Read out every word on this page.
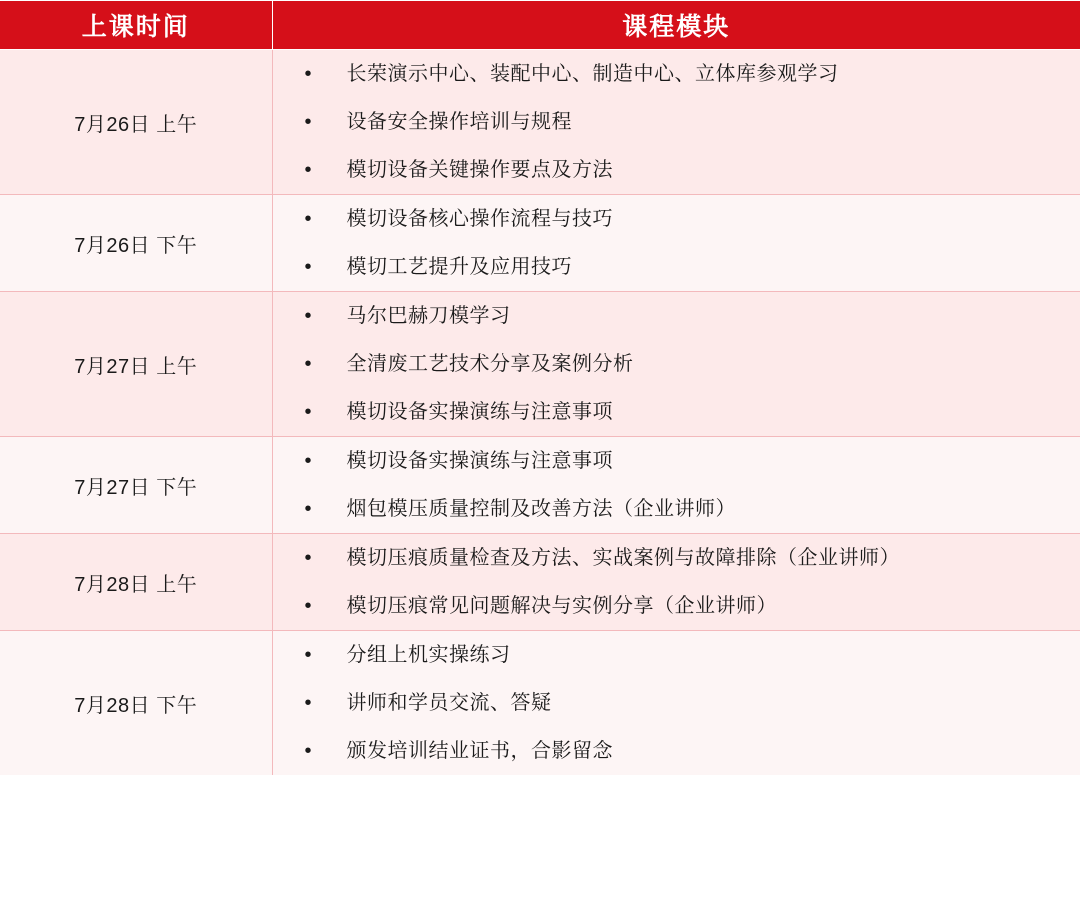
上课时间	课程模块
7月26日 上午	
• 长荣演示中心、装配中心、制造中心、立体库参观学习
• 设备安全操作培训与规程
• 模切设备关键操作要点及方法

7月26日 下午	
• 模切设备核心操作流程与技巧
• 模切工艺提升及应用技巧

7月27日 上午	
• 马尔巴赫刀模学习
• 全清废工艺技术分享及案例分析
• 模切设备实操演练与注意事项

7月27日 下午	
• 模切设备实操演练与注意事项
• 烟包模压质量控制及改善方法（企业讲师）

7月28日 上午	
• 模切压痕质量检查及方法、实战案例与故障排除（企业讲师）
• 模切压痕常见问题解决与实例分享（企业讲师）

7月28日 下午	
• 分组上机实操练习
• 讲师和学员交流、答疑
• 颁发培训结业证书，合影留念
